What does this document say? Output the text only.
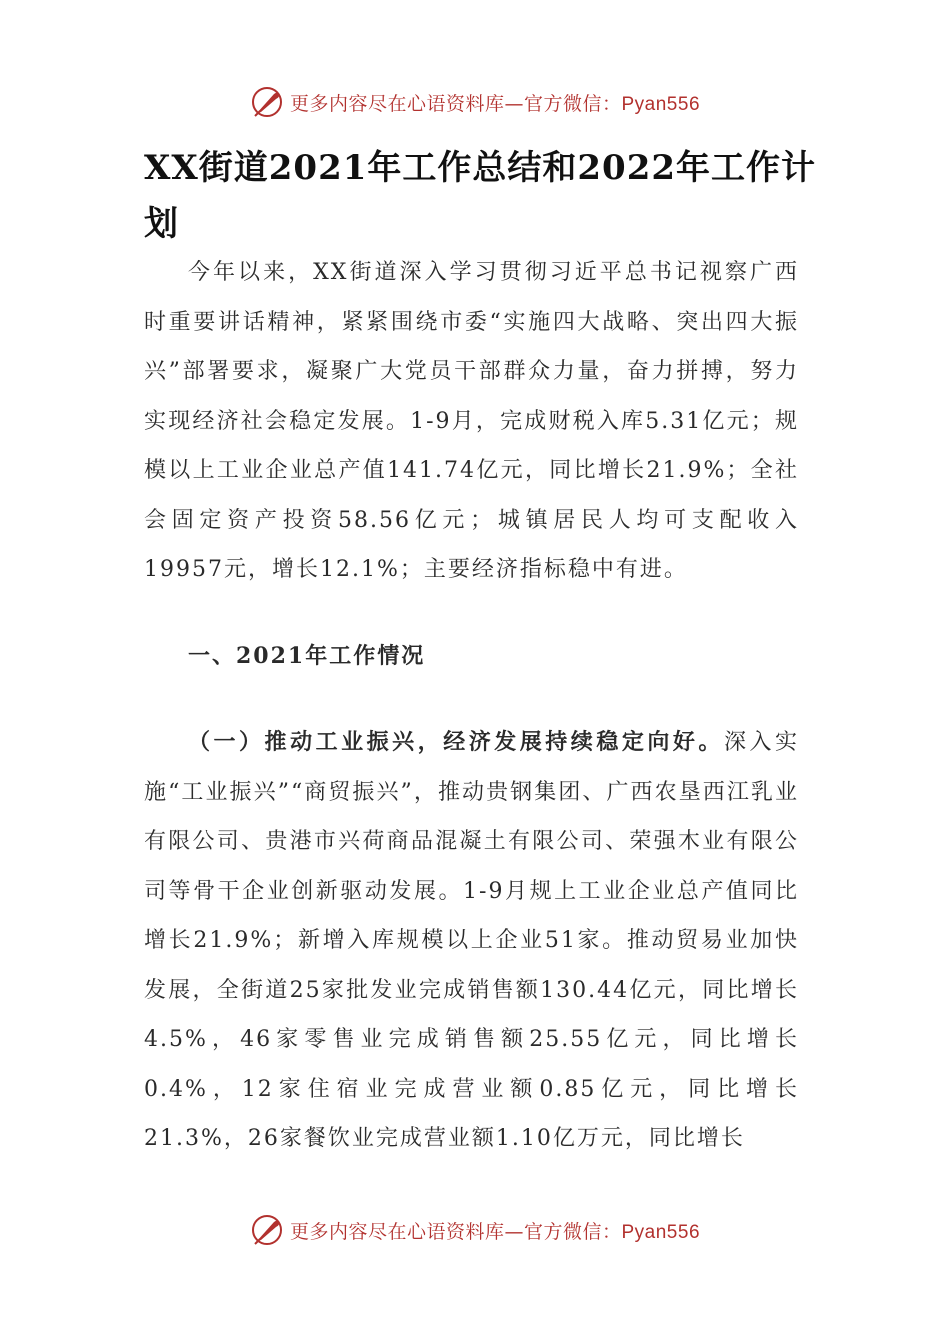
更多内容尽在心语资料库—官方微信：Pyan556
XX街道2021年工作总结和2022年工作计划

今年以来，XX街道深入学习贯彻习近平总书记视察广西时重要讲话精神，紧紧围绕市委“实施四大战略、突出四大振兴”部署要求，凝聚广大党员干部群众力量，奋力拼搏，努力实现经济社会稳定发展。1-9月，完成财税入库5.31亿元；规模以上工业企业总产值141.74亿元，同比增长21.9%；全社会固定资产投资58.56亿元；城镇居民人均可支配收入19957元，增长12.1%；主要经济指标稳中有进。

一、2021年工作情况

（一）推动工业振兴，经济发展持续稳定向好。深入实施“工业振兴”“商贸振兴”，推动贵钢集团、广西农垦西江乳业有限公司、贵港市兴荷商品混凝土有限公司、荣强木业有限公司等骨干企业创新驱动发展。1-9月规上工业企业总产值同比增长21.9%；新增入库规模以上企业51家。推动贸易业加快发展，全街道25家批发业完成销售额130.44亿元，同比增长4.5%，46家零售业完成销售额25.55亿元，同比增长0.4%，12家住宿业完成营业额0.85亿元，同比增长21.3%，26家餐饮业完成营业额1.10亿万元，同比增长

更多内容尽在心语资料库—官方微信：Pyan556
